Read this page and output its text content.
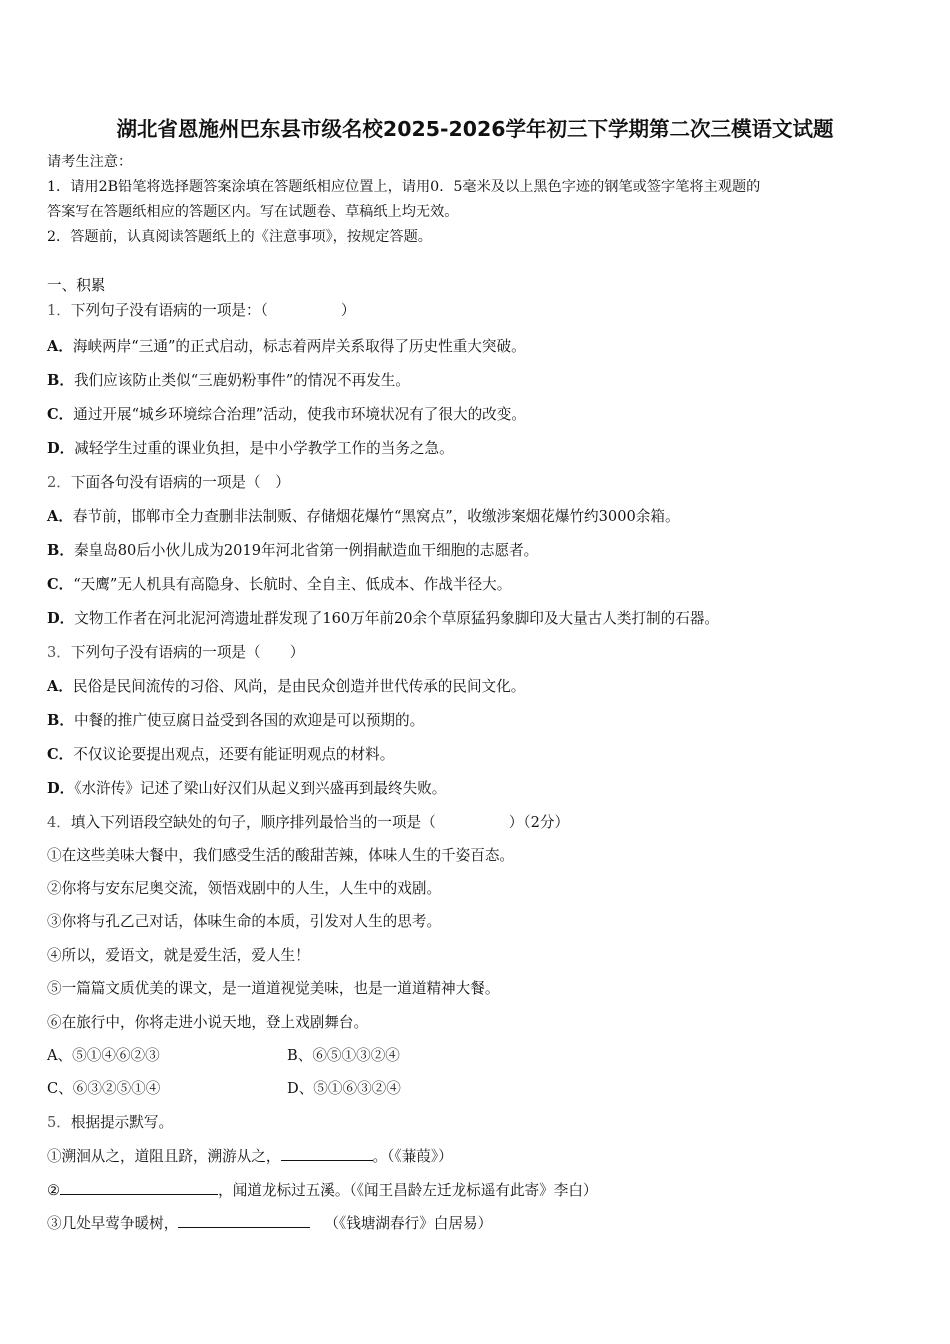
湖北省恩施州巴东县市级名校2025-2026学年初三下学期第二次三模语文试题
请考生注意：
1．请用2B铅笔将选择题答案涂填在答题纸相应位置上，请用0．5毫米及以上黑色字迹的钢笔或签字笔将主观题的
答案写在答题纸相应的答题区内。写在试题卷、草稿纸上均无效。
2．答题前，认真阅读答题纸上的《注意事项》，按规定答题。
一、积累
1．下列句子没有语病的一项是：（　　　　　）
A．海峡两岸“三通”的正式启动，标志着两岸关系取得了历史性重大突破。
B．我们应该防止类似“三鹿奶粉事件”的情况不再发生。
C．通过开展“城乡环境综合治理”活动，使我市环境状况有了很大的改变。
D．减轻学生过重的课业负担，是中小学教学工作的当务之急。
2．下面各句没有语病的一项是（　）
A．春节前，邯郸市全力查删非法制贩、存储烟花爆竹“黑窝点”，收缴涉案烟花爆竹约3000余箱。
B．秦皇岛80后小伙儿成为2019年河北省第一例捐献造血干细胞的志愿者。
C．“天鹰”无人机具有高隐身、长航时、全自主、低成本、作战半径大。
D．文物工作者在河北泥河湾遗址群发现了160万年前20余个草原猛犸象脚印及大量古人类打制的石器。
3．下列句子没有语病的一项是（　　）
A．民俗是民间流传的习俗、风尚，是由民众创造并世代传承的民间文化。
B．中餐的推广使豆腐日益受到各国的欢迎是可以预期的。
C．不仅议论要提出观点，还要有能证明观点的材料。
D．《水浒传》记述了梁山好汉们从起义到兴盛再到最终失败。
4．填入下列语段空缺处的句子，顺序排列最恰当的一项是（　　　　　）（2分）
①在这些美味大餐中，我们感受生活的酸甜苦辣，体味人生的千姿百态。
②你将与安东尼奥交流，领悟戏剧中的人生，人生中的戏剧。
③你将与孔乙己对话，体味生命的本质，引发对人生的思考。
④所以，爱语文，就是爱生活，爱人生！
⑤一篇篇文质优美的课文，是一道道视觉美味，也是一道道精神大餐。
⑥在旅行中，你将走进小说天地，登上戏剧舞台。
A、⑤①④⑥②③	B、⑥⑤①③②④
C、⑥③②⑤①④	D、⑤①⑥③②④
5．根据提示默写。
①溯洄从之，道阻且跻，溯游从之，	。（《蒹葭》）
②	，闻道龙标过五溪。（《闻王昌龄左迁龙标遥有此寄》李白）
③几处早莺争暖树，	（《钱塘湖春行》白居易）
